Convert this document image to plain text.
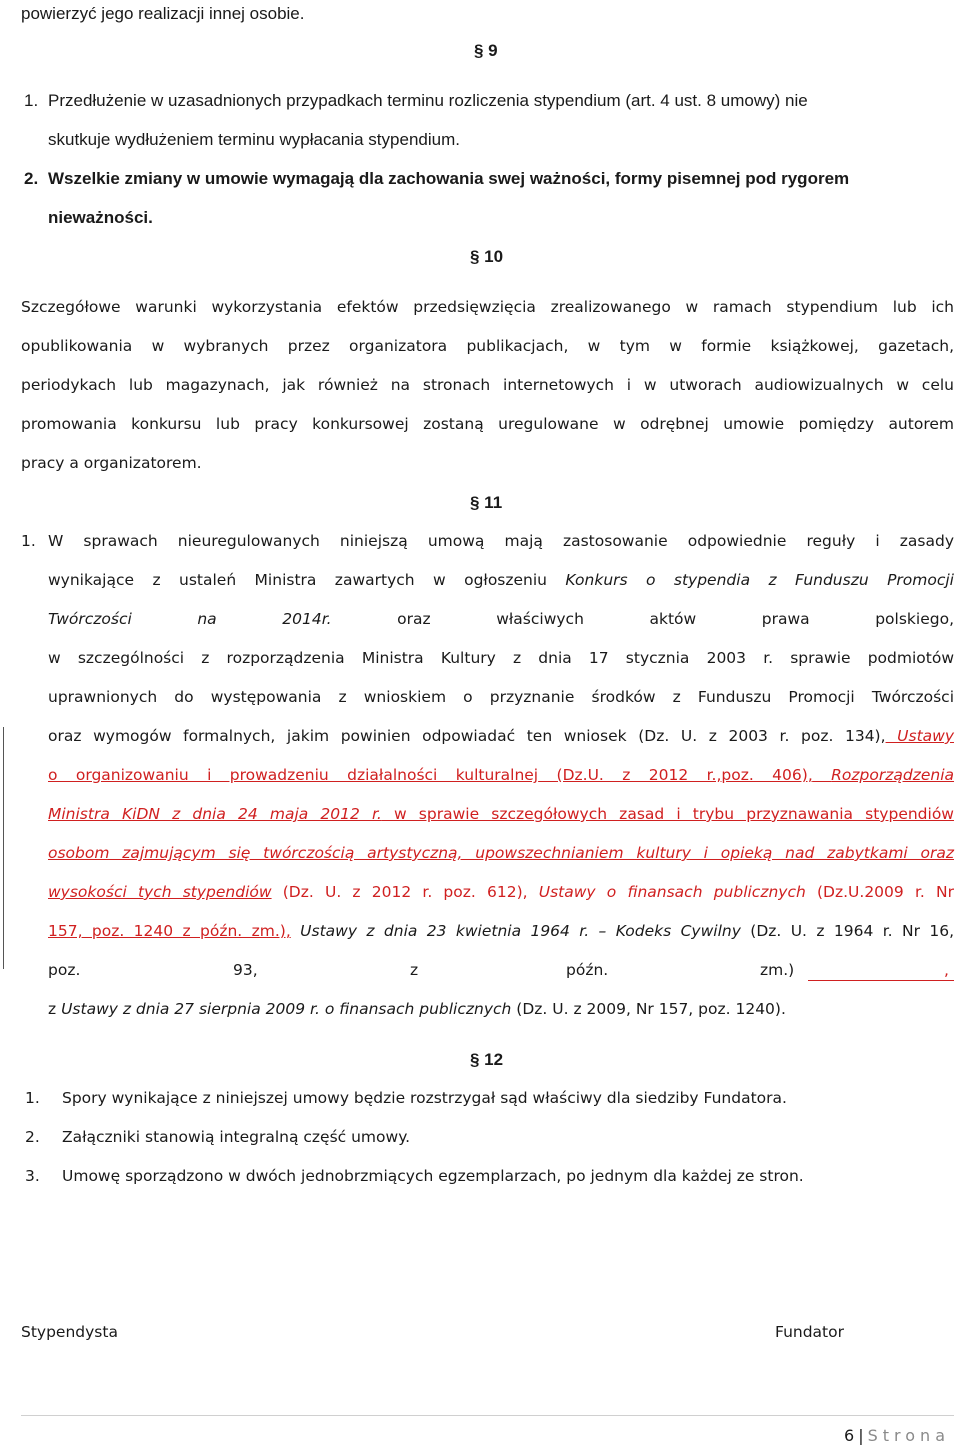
powierzyć jego realizacji innej osobie.
§ 9
1. Przedłużenie w uzasadnionych przypadkach terminu rozliczenia stypendium (art. 4 ust. 8 umowy) nie
skutkuje wydłużeniem terminu wypłacania stypendium.
2. Wszelkie zmiany w umowie wymagają dla zachowania swej ważności, formy pisemnej pod rygorem
nieważności.
§ 10
Szczegółowe warunki wykorzystania efektów przedsięwzięcia zrealizowanego w ramach stypendium lub ich
opublikowania w wybranych przez organizatora publikacjach, w tym w formie książkowej, gazetach,
periodykach lub magazynach, jak również na stronach internetowych i w utworach audiowizualnych w celu
promowania konkursu lub pracy konkursowej zostaną uregulowane w odrębnej umowie pomiędzy autorem
pracy a organizatorem.
§ 11
1. W sprawach nieuregulowanych niniejszą umową mają zastosowanie odpowiednie reguły i zasady
wynikające z ustaleń Ministra zawartych w ogłoszeniu Konkurs o stypendia z Funduszu Promocji
Twórczości na 2014r.	oraz właściwych aktów prawa polskiego,
w szczególności z rozporządzenia Ministra Kultury z dnia 17 stycznia 2003 r. sprawie podmiotów
uprawnionych do występowania z wnioskiem o przyznanie środków z Funduszu Promocji Twórczości
oraz wymogów formalnych, jakim powinien odpowiadać ten wniosek (Dz. U. z 2003 r. poz. 134), Ustawy
o organizowaniu i prowadzeniu działalności kulturalnej (Dz.U. z 2012 r.,poz. 406), Rozporządzenia
Ministra KiDN z dnia 24 maja 2012 r. w sprawie szczegółowych zasad i trybu przyznawania stypendiów
osobom zajmującym się twórczością artystyczną, upowszechnianiem kultury i opieką nad zabytkami oraz
wysokości tych stypendiów (Dz. U. z 2012 r. poz. 612), Ustawy o finansach publicznych (Dz.U.2009 r. Nr
157, poz. 1240 z późn. zm.), Ustawy z dnia 23 kwietnia 1964 r. – Kodeks Cywilny (Dz. U. z 1964 r. Nr 16,
poz.	93,	z	późn.	zm.)	,
z Ustawy z dnia 27 sierpnia 2009 r. o finansach publicznych (Dz. U. z 2009, Nr 157, poz. 1240).
§ 12
1. Spory wynikające z niniejszej umowy będzie rozstrzygał sąd właściwy dla siedziby Fundatora.
2. Załączniki stanowią integralną część umowy.
3. Umowę sporządzono w dwóch jednobrzmiących egzemplarzach, po jednym dla każdej ze stron.
Stypendysta	Fundator
6 | Strona
